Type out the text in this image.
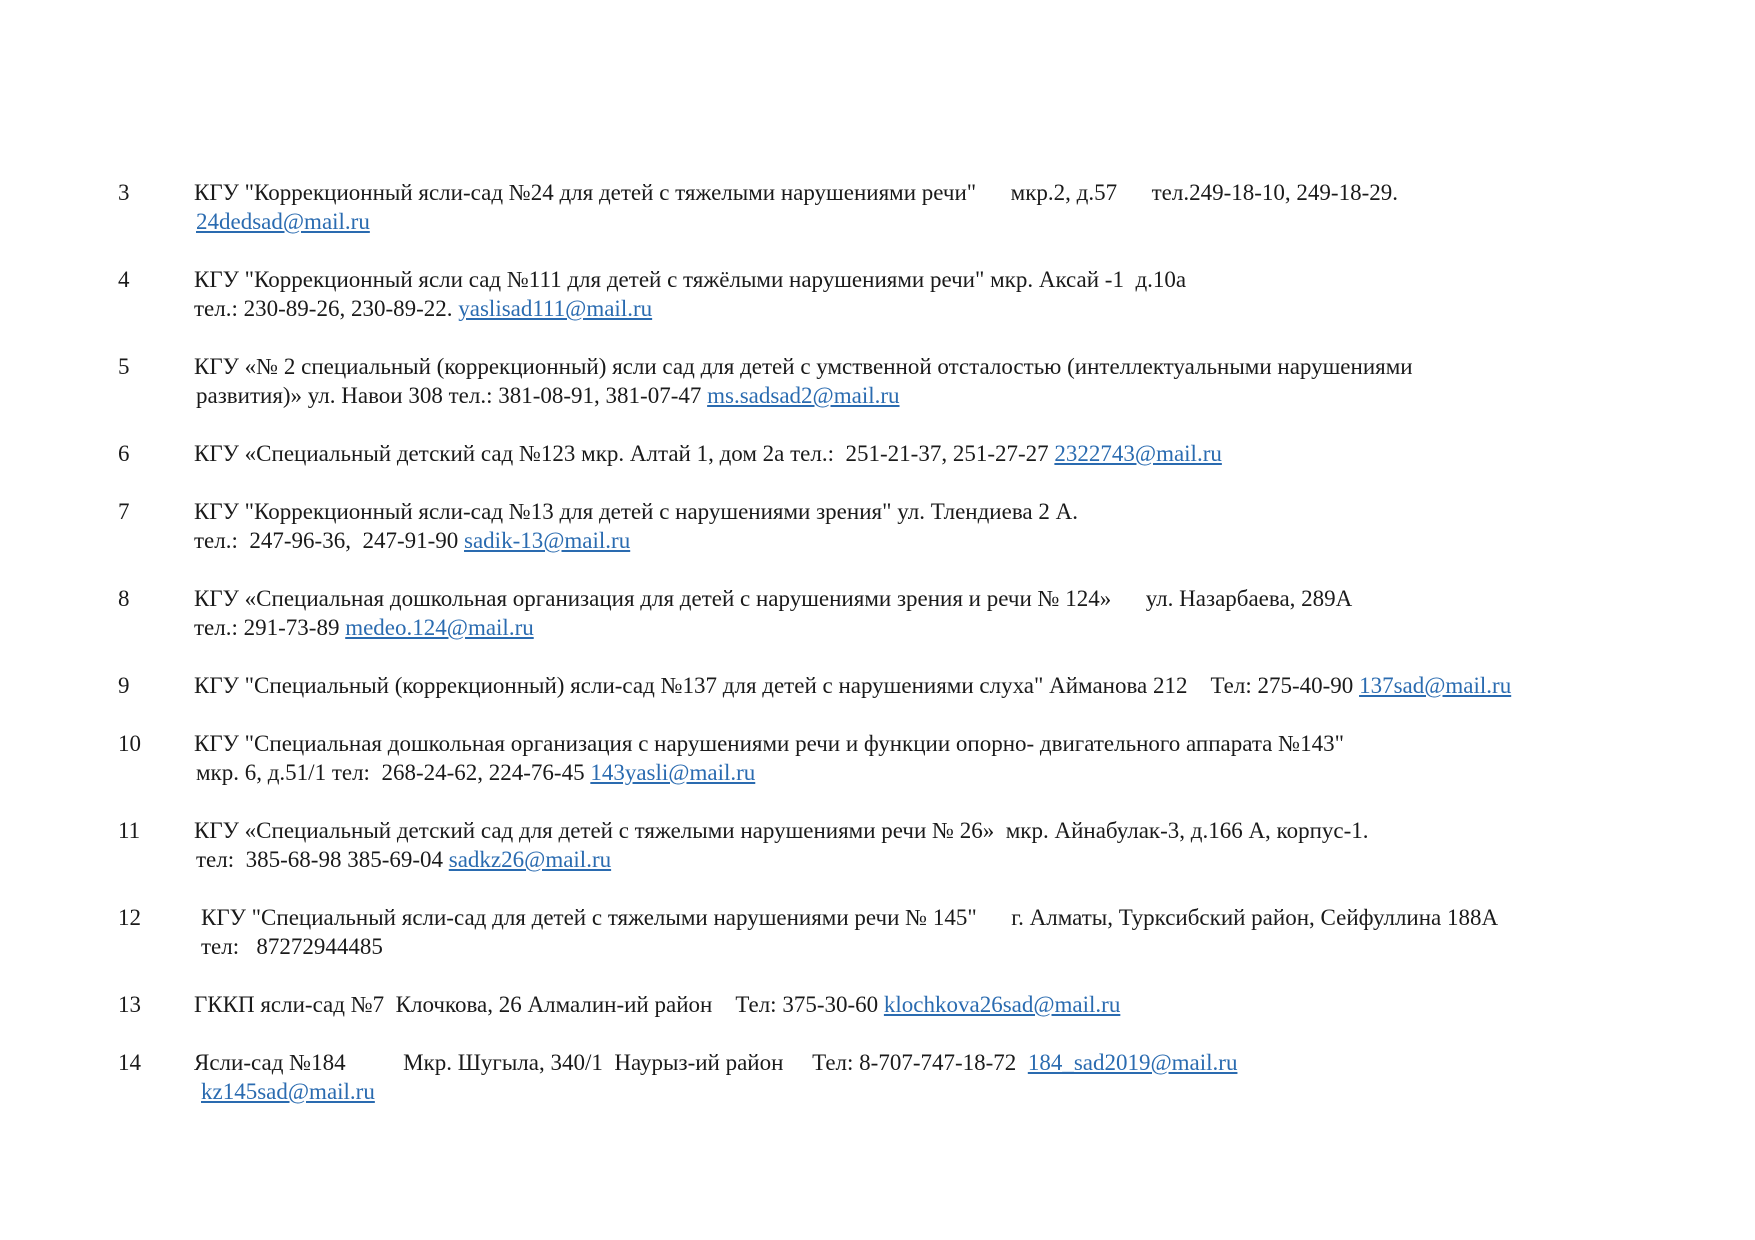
3	КГУ "Коррекционный ясли-сад №24 для детей с тяжелыми нарушениями речи"      мкр.2, д.57      тел.249-18-10, 249-18-29.
24dedsad@mail.ru
4	КГУ "Коррекционный ясли сад №111 для детей с тяжёлыми нарушениями речи" мкр. Аксай -1  д.10а
тел.: 230-89-26, 230-89-22. yaslisad111@mail.ru
5	КГУ «№ 2 специальный (коррекционный) ясли сад для детей с умственной отсталостью (интеллектуальными нарушениями
развития)» ул. Навои 308 тел.: 381-08-91, 381-07-47 ms.sadsad2@mail.ru
6	КГУ «Специальный детский сад №123 мкр. Алтай 1, дом 2а тел.:  251-21-37, 251-27-27 2322743@mail.ru
7	КГУ "Коррекционный ясли-сад №13 для детей с нарушениями зрения" ул. Тлендиева 2 А.
тел.:  247-96-36,  247-91-90 sadik-13@mail.ru
8	КГУ «Специальная дошкольная организация для детей с нарушениями зрения и речи № 124»      ул. Назарбаева, 289А
тел.: 291-73-89 medeo.124@mail.ru
9	КГУ "Специальный (коррекционный) ясли-сад №137 для детей с нарушениями слуха" Айманова 212    Тел: 275-40-90 137sad@mail.ru
10 КГУ "Специальная дошкольная организация с нарушениями речи и функции опорно- двигательного аппарата №143"
мкр. 6, д.51/1 тел:  268-24-62, 224-76-45 143yasli@mail.ru
11 КГУ «Специальный детский сад для детей с тяжелыми нарушениями речи № 26»  мкр. Айнабулак-3, д.166 А, корпус-1.
тел:  385-68-98 385-69-04 sadkz26@mail.ru
12	КГУ "Специальный ясли-сад для детей с тяжелыми нарушениями речи № 145"      г. Алматы, Турксибский район, Сейфуллина 188А
тел:   87272944485
13 ГККП ясли-сад №7  Клочкова, 26 Алмалин-ий район    Тел: 375-30-60 klochkova26sad@mail.ru
14 Ясли-сад №184          Мкр. Шугыла, 340/1  Наурыз-ий район     Тел: 8-707-747-18-72  184_sad2019@mail.ru
kz145sad@mail.ru
